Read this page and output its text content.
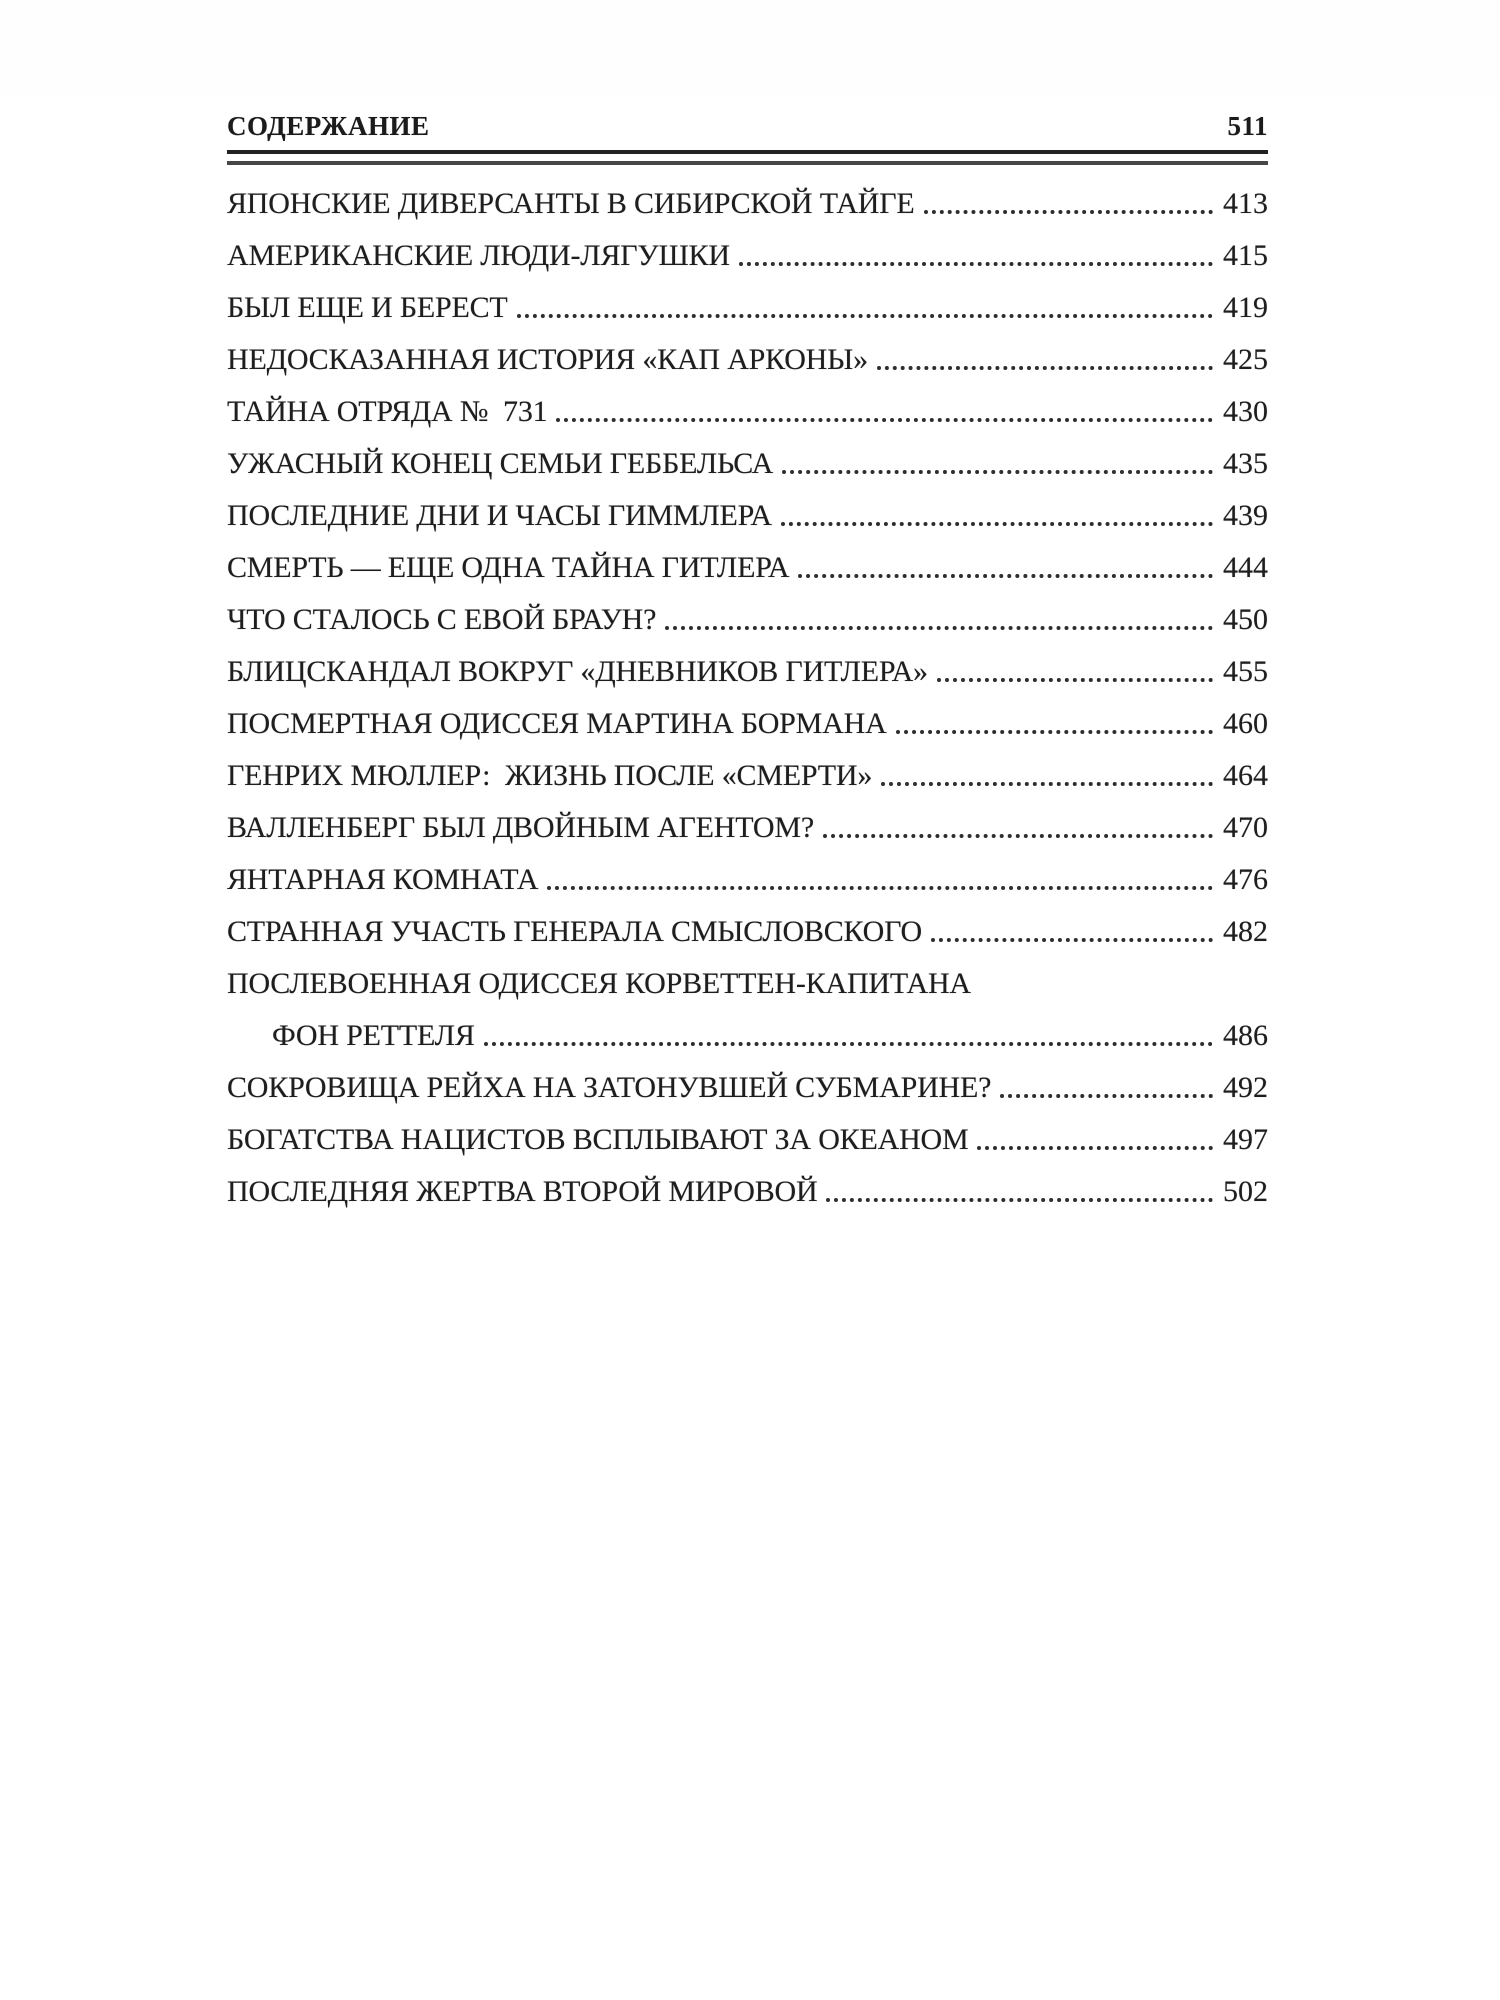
СОДЕРЖАНИЕ	511
ЯПОНСКИЕ ДИВЕРСАНТЫ В СИБИРСКОЙ ТАЙГЕ	413
АМЕРИКАНСКИЕ ЛЮДИ-ЛЯГУШКИ	415
БЫЛ ЕЩЕ И БЕРЕСТ	419
НЕДОСКАЗАННАЯ ИСТОРИЯ «КАП АРКОНЫ»	425
ТАЙНА ОТРЯДА № 731	430
УЖАСНЫЙ КОНЕЦ СЕМЬИ ГЕББЕЛЬСА	435
ПОСЛЕДНИЕ ДНИ И ЧАСЫ ГИММЛЕРА	439
СМЕРТЬ — ЕЩЕ ОДНА ТАЙНА ГИТЛЕРА	444
ЧТО СТАЛОСЬ С ЕВОЙ БРАУН?	450
БЛИЦСКАНДАЛ ВОКРУГ «ДНЕВНИКОВ ГИТЛЕРА»	455
ПОСМЕРТНАЯ ОДИССЕЯ МАРТИНА БОРМАНА	460
ГЕНРИХ МЮЛЛЕР: ЖИЗНЬ ПОСЛЕ «СМЕРТИ»	464
ВАЛЛЕНБЕРГ БЫЛ ДВОЙНЫМ АГЕНТОМ?	470
ЯНТАРНАЯ КОМНАТА	476
СТРАННАЯ УЧАСТЬ ГЕНЕРАЛА СМЫСЛОВСКОГО	482
ПОСЛЕВОЕННАЯ ОДИССЕЯ КОРВЕТТЕН-КАПИТАНА
ФОН РЕТТЕЛЯ	486
СОКРОВИЩА РЕЙХА НА ЗАТОНУВШЕЙ СУБМАРИНЕ?	492
БОГАТСТВА НАЦИСТОВ ВСПЛЫВАЮТ ЗА ОКЕАНОМ	497
ПОСЛЕДНЯЯ ЖЕРТВА ВТОРОЙ МИРОВОЙ	502
